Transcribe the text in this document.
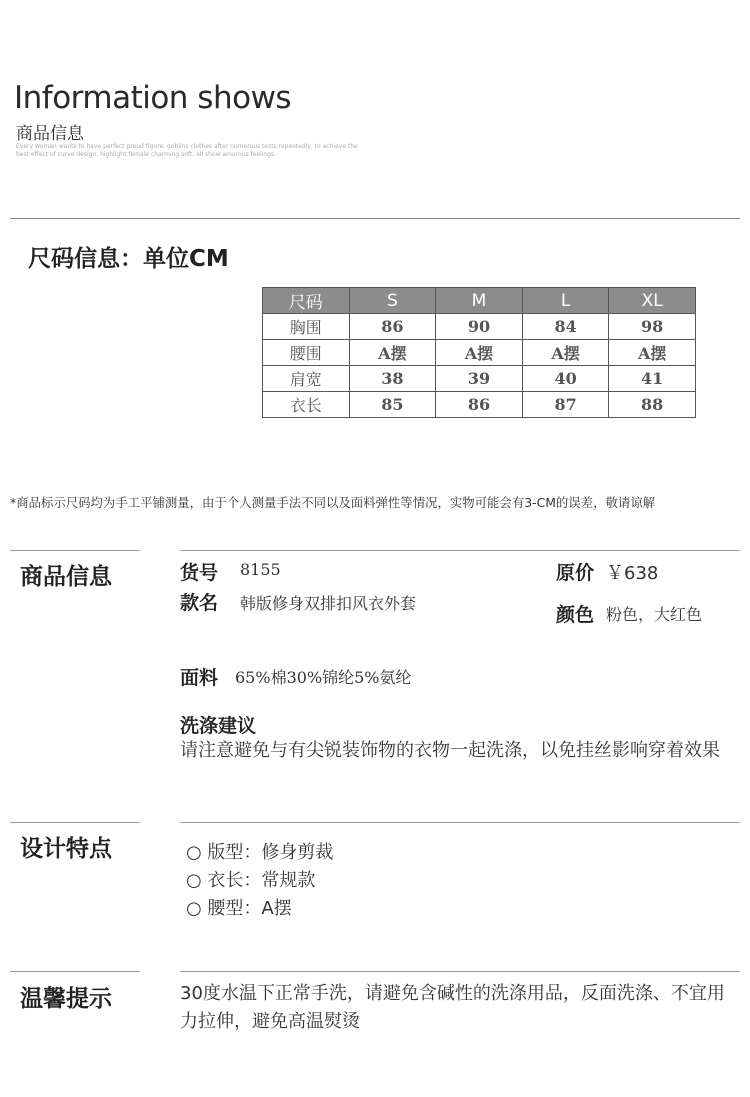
Information shows
商品信息
Every woman wants to have perfect proud figure, goblins clothes after numerous tests repeatedly, to achieve the
best effect of curve design, highlight female charming soft, all show amorous feelings.
尺码信息：单位CM
尺码	S	M	L	XL
胸围	86	90	84	98
腰围	A摆	A摆	A摆	A摆
肩宽	38	39	40	41
衣长	85	86	87	88
*商品标示尺码均为手工平铺测量，由于个人测量手法不同以及面料弹性等情况，实物可能会有3-CM的误差，敬请谅解
商品信息	货号 8155
款名 韩版修身双排扣风衣外套
原价 ￥638
颜色 粉色，大红色
面料 65%棉30%锦纶5%氨纶
洗涤建议
请注意避免与有尖锐装饰物的衣物一起洗涤，以免挂丝影响穿着效果
设计特点	○ 版型：修身剪裁
○ 衣长：常规款
○ 腰型：A摆
温馨提示	30度水温下正常手洗，请避免含碱性的洗涤用品，反面洗涤、不宜用力拉伸，避免高温熨烫
